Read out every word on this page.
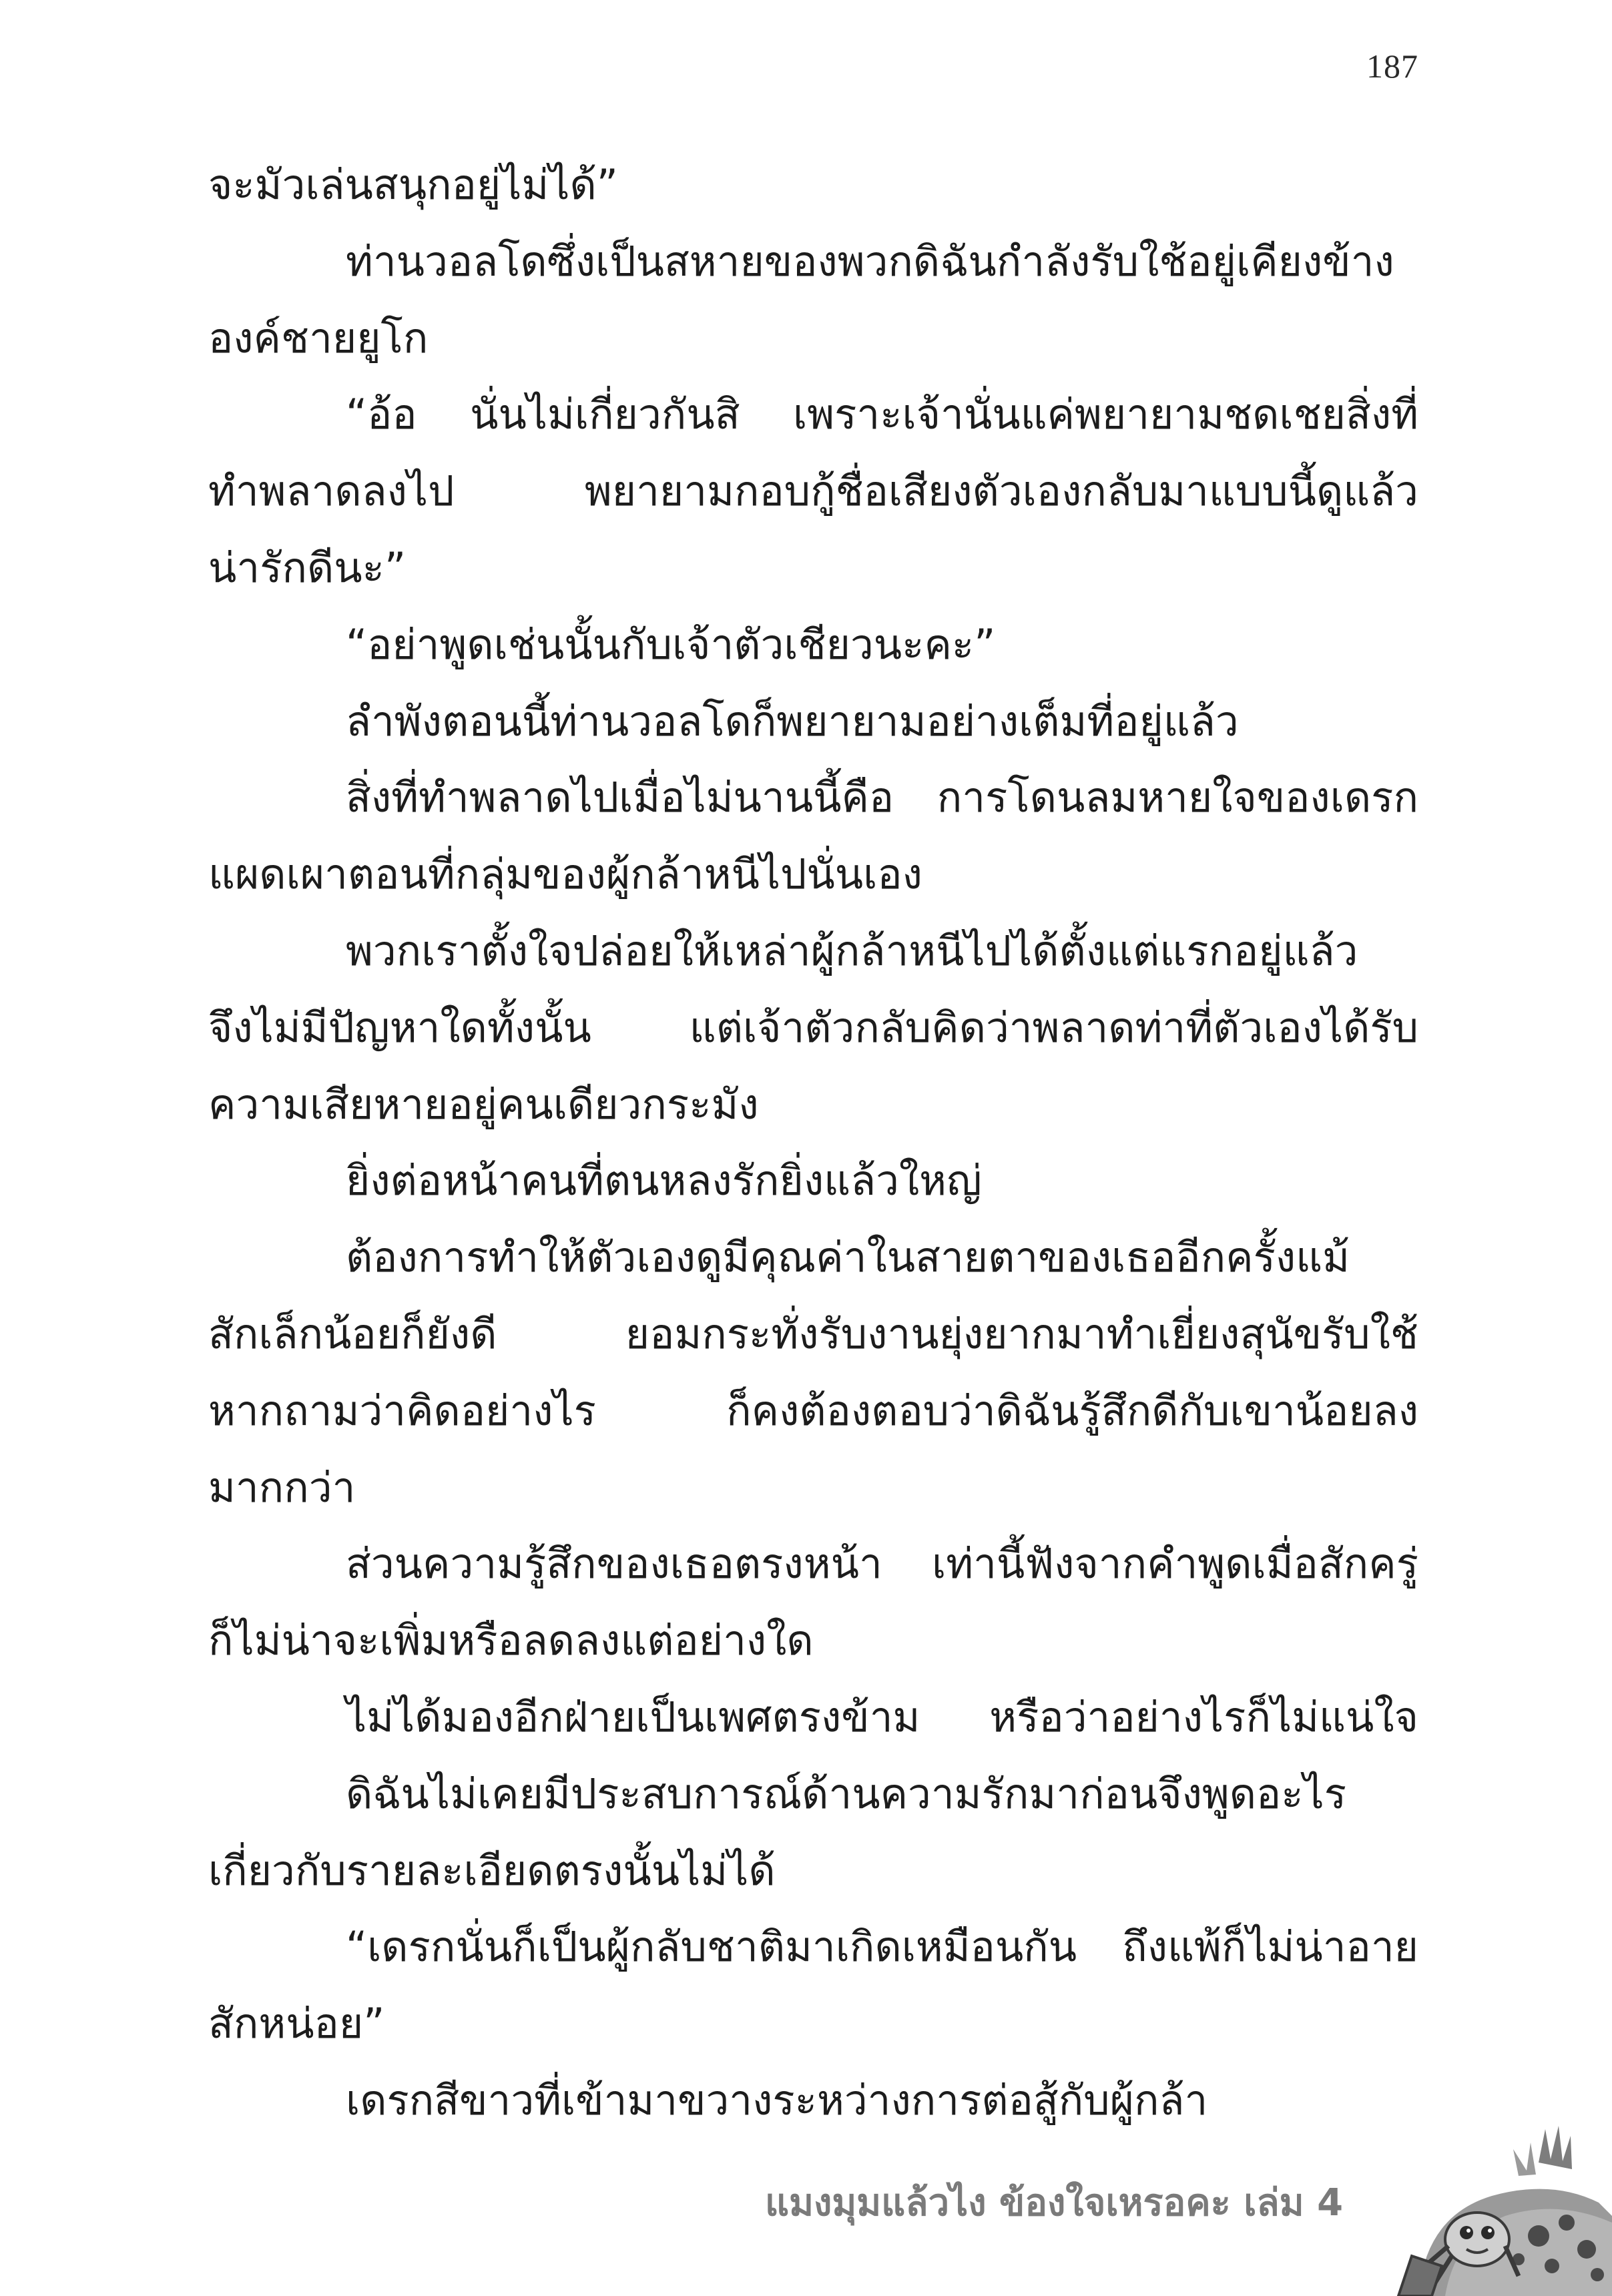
187
จะมัวเล่นสนุกอยู่ไม่ได้”
ท่านวอลโดซึ่งเป็นสหายของพวกดิฉันกำลังรับใช้อยู่เคียงข้าง
องค์ชายยูโก
“อ้อ นั่นไม่เกี่ยวกันสิ เพราะเจ้านั่นแค่พยายามชดเชยสิ่งที่
ทำพลาดลงไป พยายามกอบกู้ชื่อเสียงตัวเองกลับมาแบบนี้ดูแล้ว
น่ารักดีนะ”
“อย่าพูดเช่นนั้นกับเจ้าตัวเชียวนะคะ”
ลำพังตอนนี้ท่านวอลโดก็พยายามอย่างเต็มที่อยู่แล้ว
สิ่งที่ทำพลาดไปเมื่อไม่นานนี้คือ การโดนลมหายใจของเดรก
แผดเผาตอนที่กลุ่มของผู้กล้าหนีไปนั่นเอง
พวกเราตั้งใจปล่อยให้เหล่าผู้กล้าหนีไปได้ตั้งแต่แรกอยู่แล้ว
จึงไม่มีปัญหาใดทั้งนั้น แต่เจ้าตัวกลับคิดว่าพลาดท่าที่ตัวเองได้รับ
ความเสียหายอยู่คนเดียวกระมัง
ยิ่งต่อหน้าคนที่ตนหลงรักยิ่งแล้วใหญ่
ต้องการทำให้ตัวเองดูมีคุณค่าในสายตาของเธออีกครั้งแม้
สักเล็กน้อยก็ยังดี ยอมกระทั่งรับงานยุ่งยากมาทำเยี่ยงสุนัขรับใช้
หากถามว่าคิดอย่างไร ก็คงต้องตอบว่าดิฉันรู้สึกดีกับเขาน้อยลง
มากกว่า
ส่วนความรู้สึกของเธอตรงหน้า เท่านี้ฟังจากคำพูดเมื่อสักครู่
ก็ไม่น่าจะเพิ่มหรือลดลงแต่อย่างใด
ไม่ได้มองอีกฝ่ายเป็นเพศตรงข้าม หรือว่าอย่างไรก็ไม่แน่ใจ
ดิฉันไม่เคยมีประสบการณ์ด้านความรักมาก่อนจึงพูดอะไร
เกี่ยวกับรายละเอียดตรงนั้นไม่ได้
“เดรกนั่นก็เป็นผู้กลับชาติมาเกิดเหมือนกัน ถึงแพ้ก็ไม่น่าอาย
สักหน่อย”
เดรกสีขาวที่เข้ามาขวางระหว่างการต่อสู้กับผู้กล้า
แมงมุมแล้วไง ข้องใจเหรอคะ เล่ม 4
